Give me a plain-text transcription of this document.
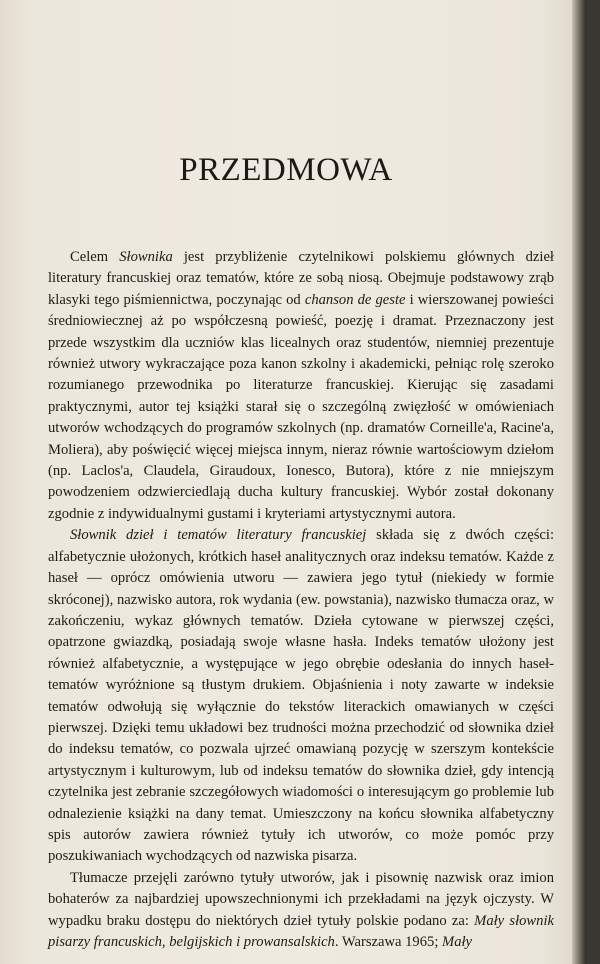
PRZEDMOWA

Celem Słownika jest przybliżenie czytelnikowi polskiemu głównych dzieł literatury francuskiej oraz tematów, które ze sobą niosą. Obejmuje podstawowy zrąb klasyki tego piśmiennictwa, poczynając od chanson de geste i wierszowanej powieści średniowiecznej aż po współczesną powieść, poezję i dramat. Przeznaczony jest przede wszystkim dla uczniów klas licealnych oraz studentów, niemniej prezentuje również utwory wykraczające poza kanon szkolny i akademicki, pełniąc rolę szeroko rozumianego przewodnika po literaturze francuskiej. Kierując się zasadami praktycznymi, autor tej książki starał się o szczególną zwięzłość w omówieniach utworów wchodzących do programów szkolnych (np. dramatów Corneille'a, Racine'a, Moliera), aby poświęcić więcej miejsca innym, nieraz równie wartościowym dziełom (np. Laclos'a, Claudela, Giraudoux, Ionesco, Butora), które z nie mniejszym powodzeniem odzwierciedlają ducha kultury francuskiej. Wybór został dokonany zgodnie z indywidualnymi gustami i kryteriami artystycznymi autora.

Słownik dzieł i tematów literatury francuskiej składa się z dwóch części: alfabetycznie ułożonych, krótkich haseł analitycznych oraz indeksu tematów. Każde z haseł — oprócz omówienia utworu — zawiera jego tytuł (niekiedy w formie skróconej), nazwisko autora, rok wydania (ew. powstania), nazwisko tłumacza oraz, w zakończeniu, wykaz głównych tematów. Dzieła cytowane w pierwszej części, opatrzone gwiazdką, posiadają swoje własne hasła. Indeks tematów ułożony jest również alfabetycznie, a występujące w jego obrębie odesłania do innych haseł-tematów wyróżnione są tłustym drukiem. Objaśnienia i noty zawarte w indeksie tematów odwołują się wyłącznie do tekstów literackich omawianych w części pierwszej. Dzięki temu układowi bez trudności można przechodzić od słownika dzieł do indeksu tematów, co pozwala ujrzeć omawianą pozycję w szerszym kontekście artystycznym i kulturowym, lub od indeksu tematów do słownika dzieł, gdy intencją czytelnika jest zebranie szczegółowych wiadomości o interesującym go problemie lub odnalezienie książki na dany temat. Umieszczony na końcu słownika alfabetyczny spis autorów zawiera również tytuły ich utworów, co może pomóc przy poszukiwaniach wychodzących od nazwiska pisarza.

Tłumacze przejęli zarówno tytuły utworów, jak i pisownię nazwisk oraz imion bohaterów za najbardziej upowszechnionymi ich przekładami na język ojczysty. W wypadku braku dostępu do niektórych dzieł tytuły polskie podano za: Mały słownik pisarzy francuskich, belgijskich i prowansalskich. Warszawa 1965; Mały
